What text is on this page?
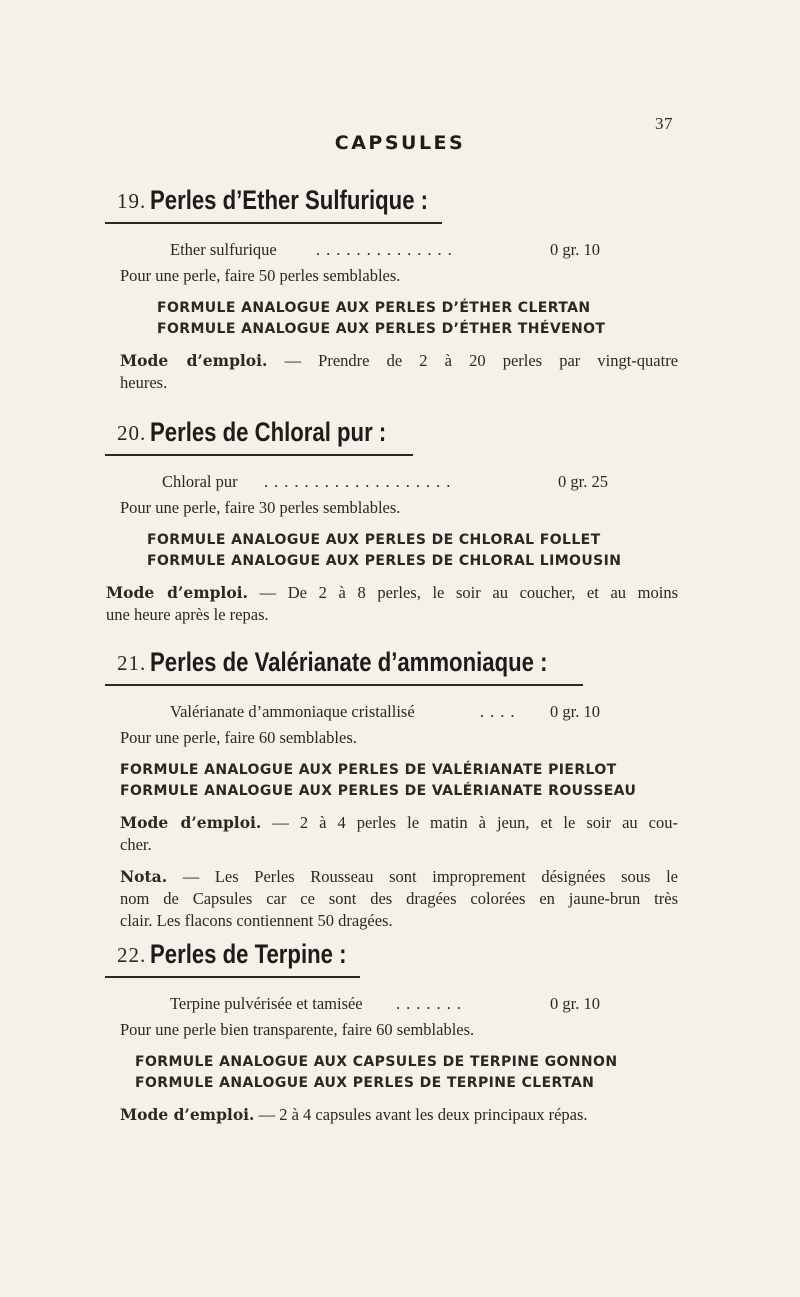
37
CAPSULES
19. Perles d’Ether Sulfurique :
Ether sulfurique ..............	0 gr. 10
Pour une perle, faire 50 perles semblables.
FORMULE ANALOGUE AUX PERLES D’ÉTHER CLERTAN
FORMULE ANALOGUE AUX PERLES D’ÉTHER THÉVENOT
Mode d’emploi. — Prendre de 2 à 20 perles par vingt-quatre
heures.
20. Perles de Chloral pur :
Chloral pur ...................	0 gr. 25
Pour une perle, faire 30 perles semblables.
FORMULE ANALOGUE AUX PERLES DE CHLORAL FOLLET
FORMULE ANALOGUE AUX PERLES DE CHLORAL LIMOUSIN
Mode d’emploi. — De 2 à 8 perles, le soir au coucher, et au moins
une heure après le repas.
21. Perles de Valérianate d’ammoniaque :
Valérianate d’ammoniaque cristallisé	.... 0 gr. 10
Pour une perle, faire 60 semblables.
FORMULE ANALOGUE AUX PERLES DE VALÉRIANATE PIERLOT
FORMULE ANALOGUE AUX PERLES DE VALÉRIANATE ROUSSEAU
Mode d’emploi. — 2 à 4 perles le matin à jeun, et le soir au cou-
cher.
Nota. — Les Perles Rousseau sont improprement désignées sous le
nom de Capsules car ce sont des dragées colorées en jaune-brun très
clair. Les flacons contiennent 50 dragées.
22. Perles de Terpine :
Terpine pulvérisée et tamisée .......	0 gr. 10
Pour une perle bien transparente, faire 60 semblables.
FORMULE ANALOGUE AUX CAPSULES DE TERPINE GONNON
FORMULE ANALOGUE AUX PERLES DE TERPINE CLERTAN
Mode d’emploi. — 2 à 4 capsules avant les deux principaux répas.
